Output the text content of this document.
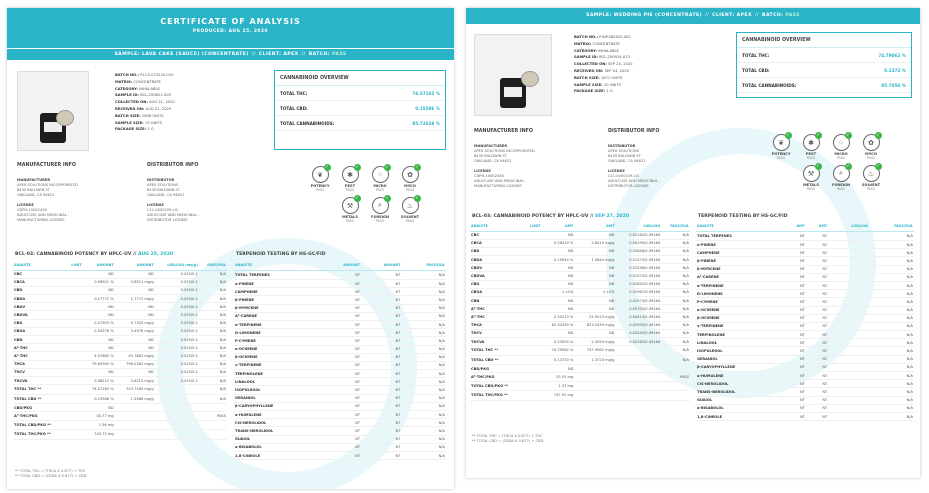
CERTIFICATE OF ANALYSIS
PRODUCED: AUG 25, 2020
SAMPLE: LAVA CAKE (SAUCE) (CONCENTRATE) // CLIENT: APEX // BATCH: PASS
BATCH NO.: P.LC5.072220.010
MATRIX: CONCENTRATE
CATEGORY: INHALABLE
SAMPLE ID: BCL-200821-005
COLLECTED ON: AUG 21, 2020
RECEIVED ON: AUG 21, 2020
BATCH SIZE: 1898 UNITS
SAMPLE SIZE: 13 UNITS
PACKAGE SIZE: 1 G
CANNABINOID OVERVIEW
TOTAL THC:	74.37165 %
TOTAL CBD:	0.15586 %
TOTAL CANNABINOIDS:	85.72628 %
MANUFACTURER INFO
MANUFACTURER
APEX SOLUTIONS INCORPORATED
8435 BALDWIN ST
OAKLAND, CA 94621

LICENSE
CDPH-10002436
ADULT-USE AND MEDICINAL -
MANUFACTURING LICENSE
DISTRIBUTOR INFO
DISTRIBUTOR
APEX SOLUTIONS
8435 BALDWIN ST
OAKLAND, CA 94621

LICENSE
C11-0000159-LIC
ADULT-USE AND MEDICINAL -
DISTRIBUTOR LICENSE
❦
✓
POTENCY
PASS
✱
✓
PEST
PASS
⁘
✓
MICRO
PASS
✿
✓
MYCO
PASS
⚒
✓
METALS
PASS
⌕
✓
FOREIGN
PASS
♨
✓
SOLVENT
PASS
BCL-03: CANNABINOID POTENCY BY HPLC-UV // AUG 25, 2020
ANALYTE	LIMIT	AMOUNT	AMOUNT	LOD/LOQ (mg/g)	PASS/FAIL
CBC		ND	ND	0.025/0.1	N/A
CBCA		0.58921 %	5.8921 mg/g	0.025/0.1	N/A
CBD		ND	ND	0.025/0.1	N/A
CBDA		0.17772 %	1.7772 mg/g	0.025/0.1	N/A
CBDV		ND	ND	0.025/0.1	N/A
CBDVA		ND	ND	0.025/0.1	N/A
CBG		0.07303 %	0.7303 mg/g	0.025/0.1	N/A
CBGA		0.34376 %	3.4376 mg/g	0.025/0.1	N/A
CBN		ND	ND	0.025/0.1	N/A
Δ⁸-THC		ND	ND	0.025/0.1	N/A
Δ⁹-THC		4.57682 %	45.7682 mg/g	0.025/0.1	N/A
THCA		79.60362 %	796.0362 mg/g	0.025/0.1	N/A
THCV		ND	ND	0.025/0.1	N/A
THCVA		0.38212 %	3.8212 mg/g	0.025/0.1	N/A
TOTAL THC **		74.37165 %	743.7165 mg/g		N/A
TOTAL CBD **		0.15586 %	1.5586 mg/g		N/A
CBD/PKG		ND			
Δ⁹-THC/PKG		45.77 mg			PASS
TOTAL CBD/PKG **		1.56 mg			
TOTAL THC/PKG **		743.72 mg			
TERPENOID TESTING BY HS-GC/FID
ANALYTE	AMOUNT	AMOUNT	PASS/FAIL
TOTAL TERPENES	NT	NT	N/A
α-PINENE	NT	NT	N/A
CAMPHENE	NT	NT	N/A
β-PINENE	NT	NT	N/A
β-MYRCENE	NT	NT	N/A
Δ³-CARENE	NT	NT	N/A
α-TERPINENE	NT	NT	N/A
D-LIMONENE	NT	NT	N/A
P-CYMENE	NT	NT	N/A
α-OCIMENE	NT	NT	N/A
β-OCIMENE	NT	NT	N/A
γ-TERPINENE	NT	NT	N/A
TERPINOLENE	NT	NT	N/A
LINALOOL	NT	NT	N/A
ISOPULEGOL	NT	NT	N/A
GERANIOL	NT	NT	N/A
β-CARYOPHYLLENE	NT	NT	N/A
α-HUMULENE	NT	NT	N/A
CIS-NEROLIDOL	NT	NT	N/A
TRANS-NEROLIDOL	NT	NT	N/A
GUAIOL	NT	NT	N/A
α-BISABOLOL	NT	NT	N/A
1,8-CINEOLE	NT	NT	N/A
** TOTAL THC = (THCA X 0.877) + THC
** TOTAL CBD = (CBDA X 0.877) + CBD
SAMPLE: WEDDING PIE (CONCENTRATE) // CLIENT: APEX // BATCH: PASS
BATCH NO.: P.WP.082620.002
MATRIX: CONCENTRATE
CATEGORY: INHALABLE
SAMPLE ID: BCL-200924-013
COLLECTED ON: SEP 24, 2020
RECEIVED ON: SEP 24, 2020
BATCH SIZE: 1871 UNITS
SAMPLE SIZE: 10 UNITS
PACKAGE SIZE: 1 G
CANNABINOID OVERVIEW
TOTAL THC:	74.79062 %
TOTAL CBD:	0.1372 %
TOTAL CANNABINOIDS:	85.7056 %
MANUFACTURER INFO
MANUFACTURER
APEX SOLUTIONS INCORPORATED
8435 BALDWIN ST
OAKLAND, CA 94621

LICENSE
CDPH-10002436
ADULT-USE AND MEDICINAL -
MANUFACTURING LICENSE
DISTRIBUTOR INFO
DISTRIBUTOR
APEX SOLUTIONS
8435 BALDWIN ST
OAKLAND, CA 94621

LICENSE
C11-0000159-LIC
ADULT-USE AND MEDICINAL -
DISTRIBUTOR LICENSE
❦
✓
POTENCY
PASS
✱
✓
PEST
PASS
⁘
✓
MICRO
PASS
✿
✓
MYCO
PASS
⚒
✓
METALS
PASS
⌕
✓
FOREIGN
PASS
♨
✓
SOLVENT
PASS
BCL-03: CANNABINOID POTENCY BY HPLC-UV // SEP 27, 2020
ANALYTE	LIMIT	AMT	AMT	LOD/LOQ	PASS/FAIL
CBC		ND	ND	0.02163/0.49164	N/A
CBCA		0.26410 %	2.6410 mg/g	0.06195/0.49164	N/A
CBD		ND	ND	0.03648/0.49164	N/A
CBDA		0.15644 %	1.5644 mg/g	0.01573/0.49164	N/A
CBDV		ND	ND	0.02236/0.49164	N/A
CBDVA		ND	ND	0.01573/0.49164	N/A
CBG		ND	ND	0.02852/0.49164	N/A
CBGA		< LOQ	< LOQ	0.01967/0.49164	N/A
CBN		ND	ND	0.01573/0.49164	N/A
Δ⁸-THC		ND	ND	0.05703/0.49164	N/A
Δ⁹-THC		2.59213 %	25.9213 mg/g	0.04413/0.49164	N/A
THCA		82.32439 %	823.2439 mg/g	0.02950/0.49164	N/A
THCV		ND	ND	0.03245/0.49164	N/A
THCVA		0.23054 %	2.3054 mg/g	0.02262/0.49164	N/A
TOTAL THC **		74.79062 %	747.9062 mg/g		N/A
TOTAL CBD **		0.13720 %	1.3720 mg/g		N/A
CBD/PKG		ND			
Δ⁹-THC/PKG		25.92 mg			PASS
TOTAL CBD/PKG **		1.37 mg			
TOTAL THC/PKG **		747.91 mg			
TERPENOID TESTING BY HS-GC/FID
ANALYTE	AMT	AMT	LOD/LOQ	PASS/FAIL
TOTAL TERPENES	NT	NT		N/A
α-PINENE	NT	NT		N/A
CAMPHENE	NT	NT		N/A
β-PINENE	NT	NT		N/A
β-MYRCENE	NT	NT		N/A
Δ³-CARENE	NT	NT		N/A
α-TERPINENE	NT	NT		N/A
D-LIMONENE	NT	NT		N/A
P-CYMENE	NT	NT		N/A
α-OCIMENE	NT	NT		N/A
β-OCIMENE	NT	NT		N/A
γ-TERPINENE	NT	NT		N/A
TERPINOLENE	NT	NT		N/A
LINALOOL	NT	NT		N/A
ISOPULEGOL	NT	NT		N/A
GERANIOL	NT	NT		N/A
β-CARYOPHYLLENE	NT	NT		N/A
α-HUMULENE	NT	NT		N/A
CIS-NEROLIDOL	NT	NT		N/A
TRANS-NEROLIDOL	NT	NT		N/A
GUAIOL	NT	NT		N/A
α-BISABOLOL	NT	NT		N/A
1,8-CINEOLE	NT	NT		N/A
** TOTAL THC = (THCA X 0.877) + THC
** TOTAL CBD = (CBDA X 0.877) + CBD
